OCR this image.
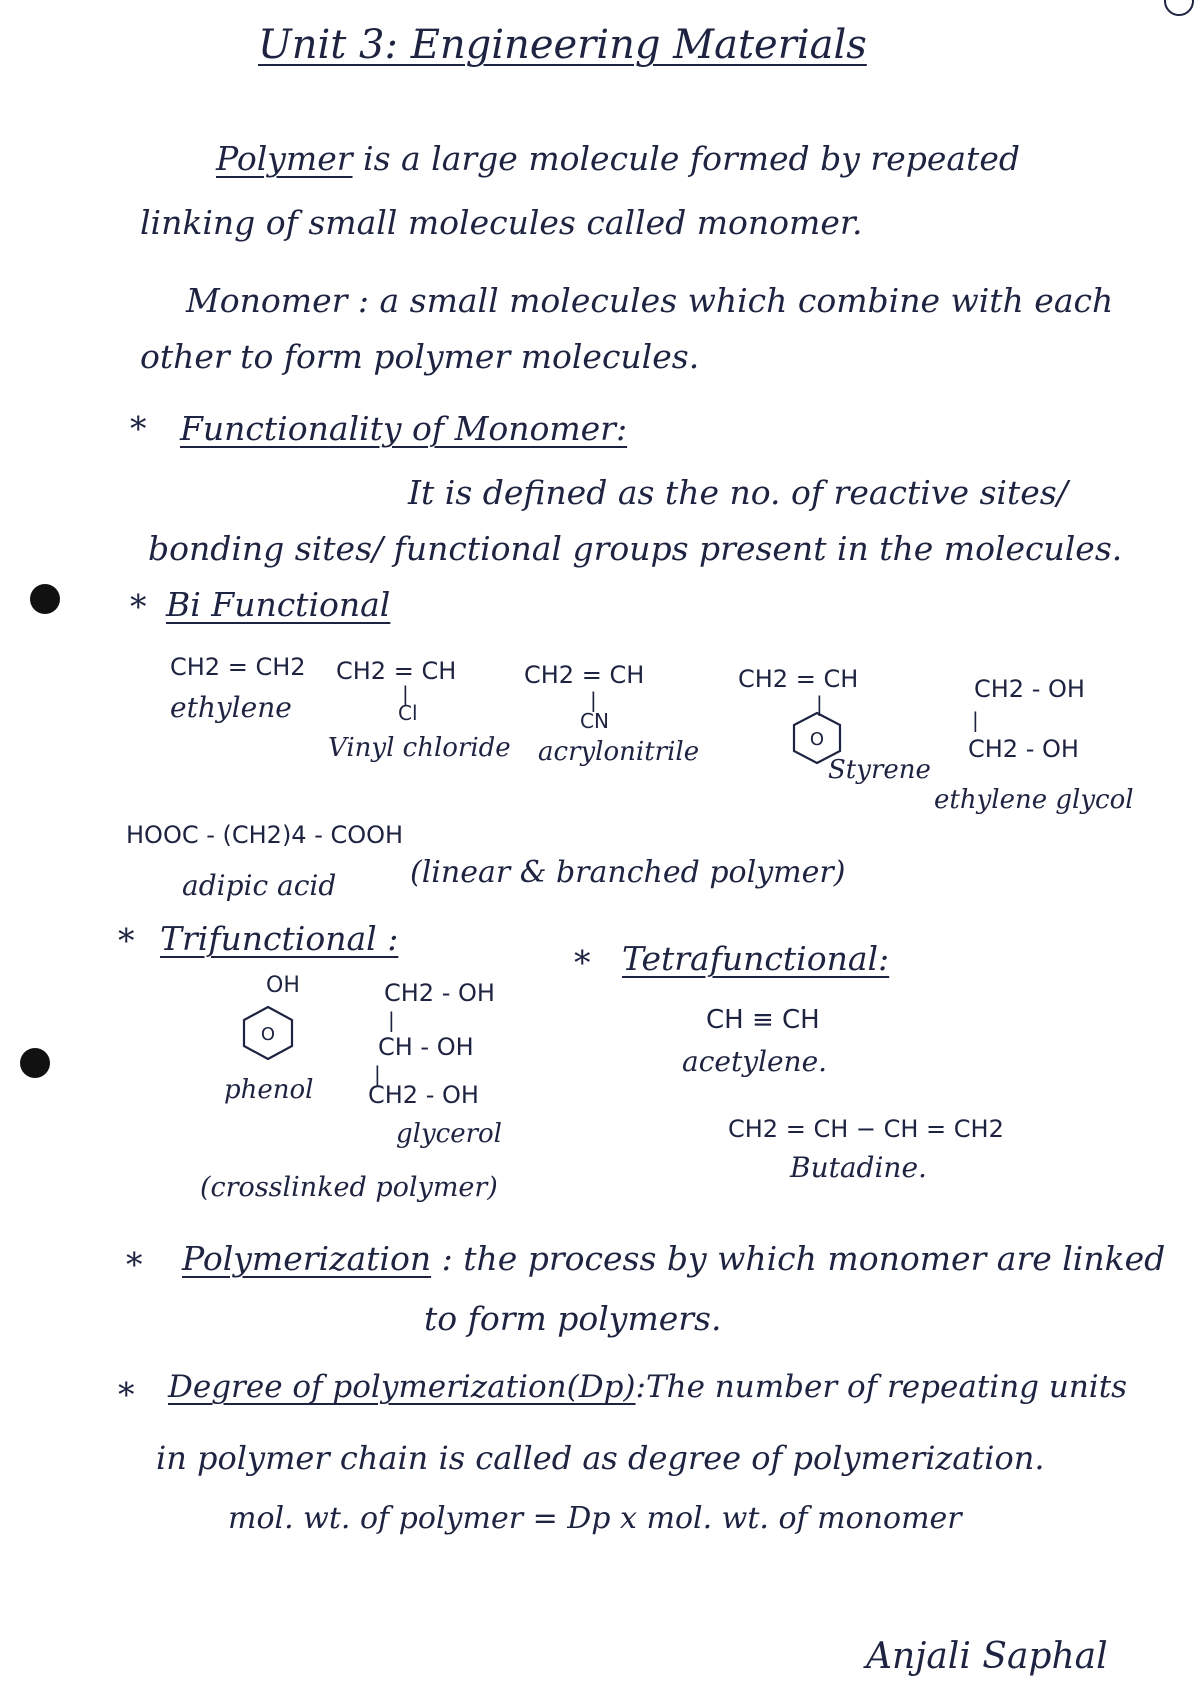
Unit 3: Engineering Materials
Polymer is a large molecule formed by repeated
linking of small molecules called monomer.
Monomer : a small molecules which combine with each
other to form polymer molecules.
* Functionality of Monomer:
It is defined as the no. of reactive sites/
bonding sites/ functional groups present in the molecules.
* Bi Functional
CH2 = CH2
ethylene
CH2 = CH
|
Cl
Vinyl chloride
CH2 = CH
|
CN
acrylonitrile
CH2 = CH
|
O
Styrene
CH2 - OH
|
CH2 - OH
ethylene glycol
HOOC - (CH2)4 - COOH
adipic acid (linear & branched polymer)
* Trifunctional :
OH
O
phenol
CH2 - OH
|
CH - OH
|
CH2 - OH
glycerol
(crosslinked polymer)
* Tetrafunctional:
CH ≡ CH
acetylene.
CH2 = CH − CH = CH2
Butadine.
* Polymerization : the process by which monomer are linked
to form polymers.
* Degree of polymerization(Dp):The number of repeating units
in polymer chain is called as degree of polymerization.
mol. wt. of polymer = Dp x mol. wt. of monomer
Anjali Saphal
